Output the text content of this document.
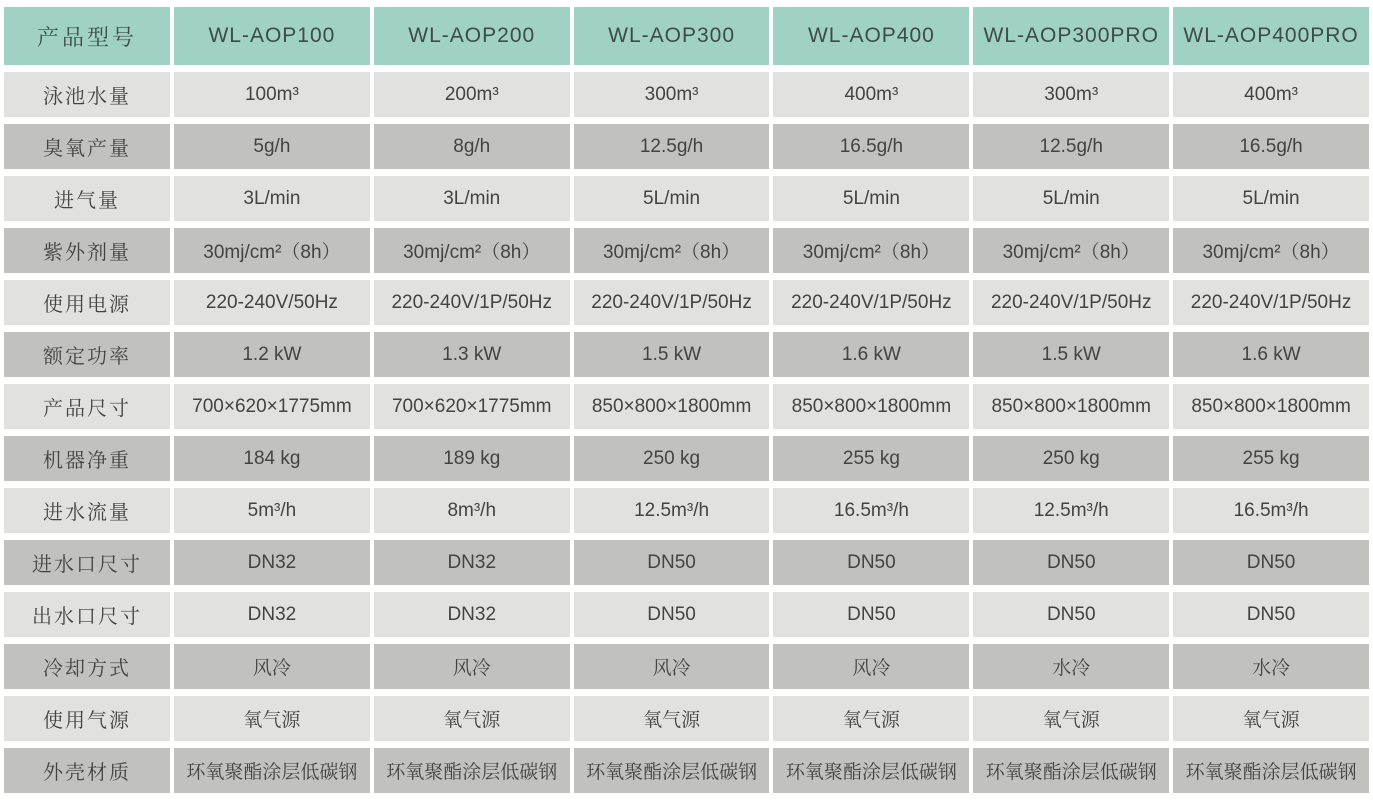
产品型号	WL-AOP100	WL-AOP200	WL-AOP300	WL-AOP400	WL-AOP300PRO	WL-AOP400PRO
泳池水量	100m³	200m³	300m³	400m³	300m³	400m³
臭氧产量	5g/h	8g/h	12.5g/h	16.5g/h	12.5g/h	16.5g/h
进气量	3L/min	3L/min	5L/min	5L/min	5L/min	5L/min
紫外剂量	30mj/cm²（8h）	30mj/cm²（8h）	30mj/cm²（8h）	30mj/cm²（8h）	30mj/cm²（8h）	30mj/cm²（8h）
使用电源	220-240V/50Hz	220-240V/1P/50Hz	220-240V/1P/50Hz	220-240V/1P/50Hz	220-240V/1P/50Hz	220-240V/1P/50Hz
额定功率	1.2 kW	1.3 kW	1.5 kW	1.6 kW	1.5 kW	1.6 kW
产品尺寸	700×620×1775mm	700×620×1775mm	850×800×1800mm	850×800×1800mm	850×800×1800mm	850×800×1800mm
机器净重	184 kg	189 kg	250 kg	255 kg	250 kg	255 kg
进水流量	5m³/h	8m³/h	12.5m³/h	16.5m³/h	12.5m³/h	16.5m³/h
进水口尺寸	DN32	DN32	DN50	DN50	DN50	DN50
出水口尺寸	DN32	DN32	DN50	DN50	DN50	DN50
冷却方式	风冷	风冷	风冷	风冷	水冷	水冷
使用气源	氧气源	氧气源	氧气源	氧气源	氧气源	氧气源
外壳材质	环氧聚酯涂层低碳钢	环氧聚酯涂层低碳钢	环氧聚酯涂层低碳钢	环氧聚酯涂层低碳钢	环氧聚酯涂层低碳钢	环氧聚酯涂层低碳钢
